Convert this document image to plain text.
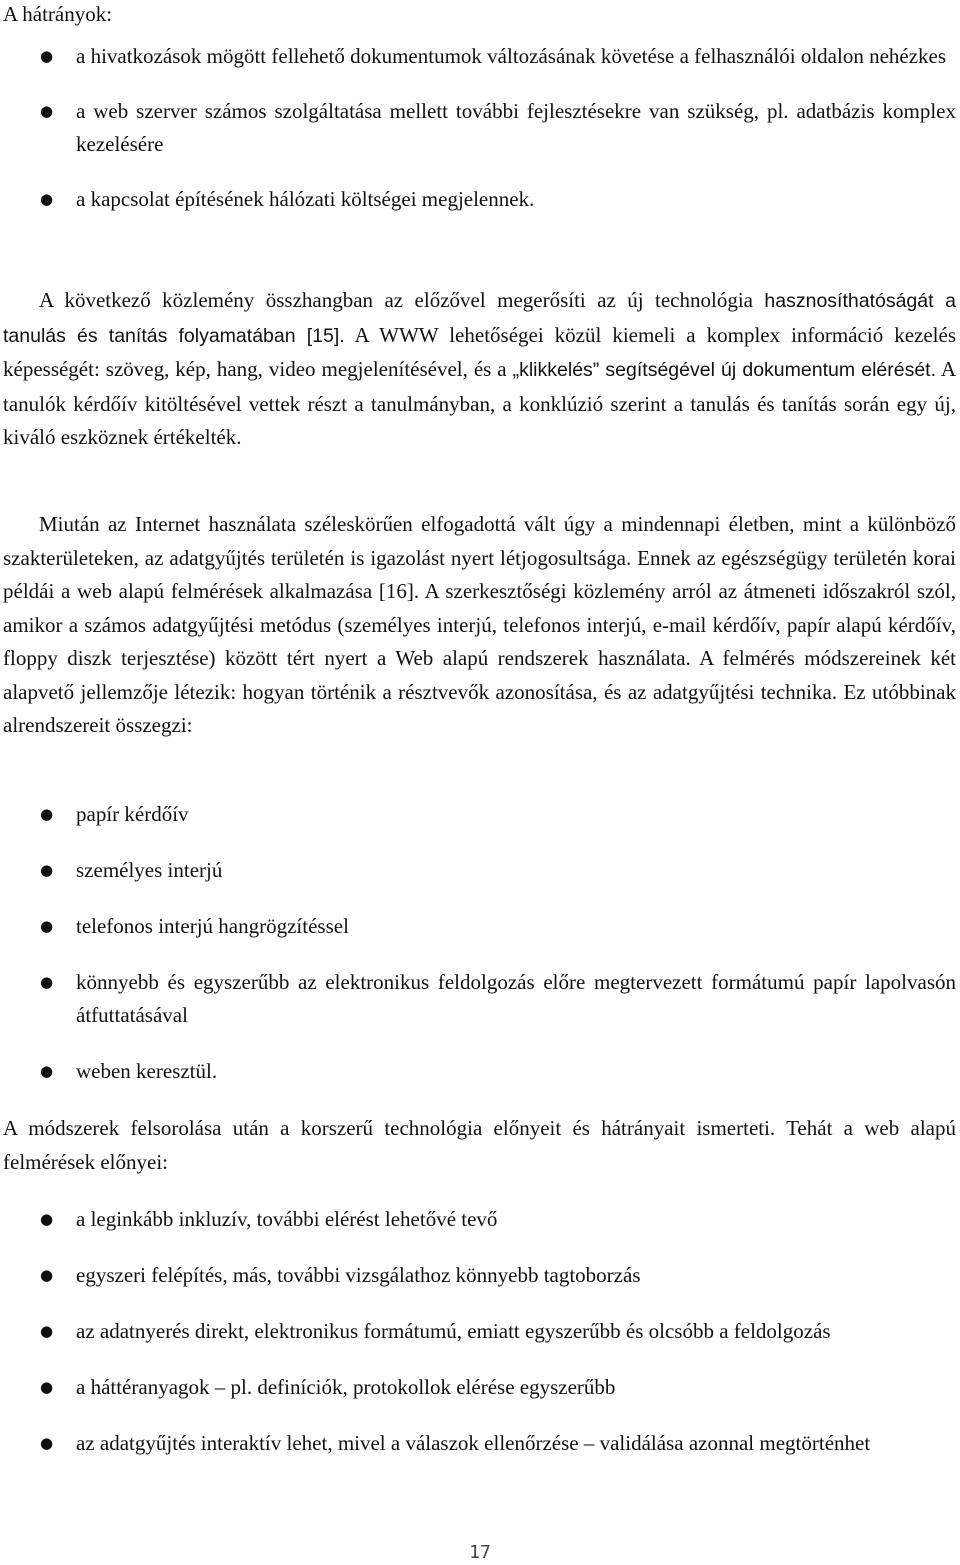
A hátrányok:
● a hivatkozások mögött fellehető dokumentumok változásának követése a felhasználói oldalon nehézkes
● a web szerver számos szolgáltatása mellett további fejlesztésekre van szükség, pl. adatbázis komplex kezelésére
● a kapcsolat építésének hálózati költségei megjelennek.

A következő közlemény összhangban az előzővel megerősíti az új technológia hasznosíthatóságát a tanulás és tanítás folyamatában [15]. A WWW lehetőségei közül kiemeli a komplex információ kezelés képességét: szöveg, kép, hang, video megjelenítésével, és a „klikkelés” segítségével új dokumentum elérését. A tanulók kérdőív kitöltésével vettek részt a tanulmányban, a konklúzió szerint a tanulás és tanítás során egy új, kiváló eszköznek értékelték.

Miután az Internet használata széleskörűen elfogadottá vált úgy a mindennapi életben, mint a különböző szakterületeken, az adatgyűjtés területén is igazolást nyert létjogosultsága. Ennek az egészségügy területén korai példái a web alapú felmérések alkalmazása [16]. A szerkesztőségi közlemény arról az átmeneti időszakról szól, amikor a számos adatgyűjtési metódus (személyes interjú, telefonos interjú, e-mail kérdőív, papír alapú kérdőív, floppy diszk terjesztése) között tért nyert a Web alapú rendszerek használata. A felmérés módszereinek két alapvető jellemzője létezik: hogyan történik a résztvevők azonosítása, és az adatgyűjtési technika. Ez utóbbinak alrendszereit összegzi:

● papír kérdőív
● személyes interjú
● telefonos interjú hangrögzítéssel
● könnyebb és egyszerűbb az elektronikus feldolgozás előre megtervezett formátumú papír lapolvasón átfuttatásával
● weben keresztül.

A módszerek felsorolása után a korszerű technológia előnyeit és hátrányait ismerteti. Tehát a web alapú felmérések előnyei:

● a leginkább inkluzív, további elérést lehetővé tevő
● egyszeri felépítés, más, további vizsgálathoz könnyebb tagtoborzás
● az adatnyerés direkt, elektronikus formátumú, emiatt egyszerűbb és olcsóbb a feldolgozás
● a háttéranyagok – pl. definíciók, protokollok elérése egyszerűbb
● az adatgyűjtés interaktív lehet, mivel a válaszok ellenőrzése – validálása azonnal megtörténhet
17
